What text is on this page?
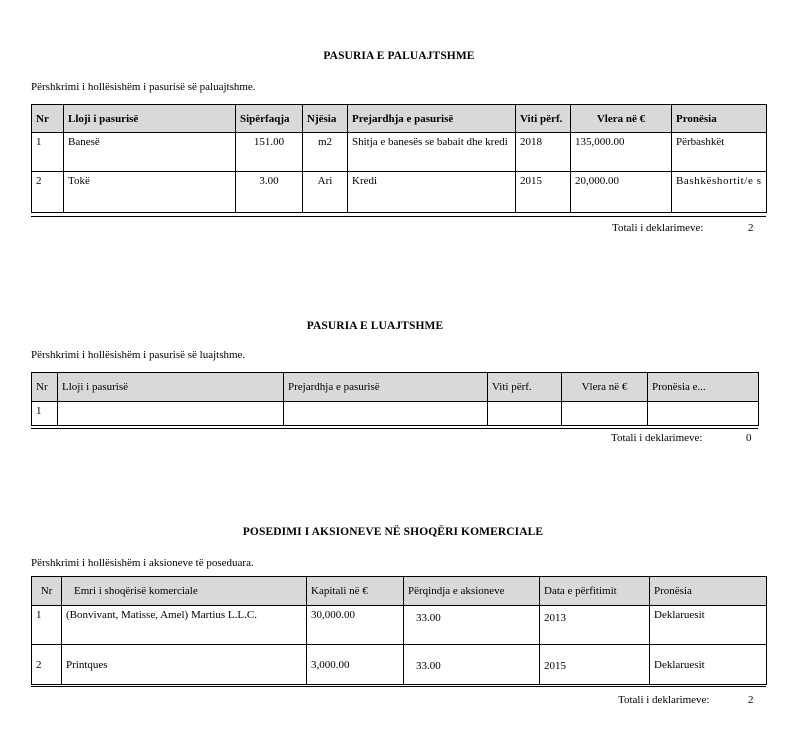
PASURIA E PALUAJTSHME
Përshkrimi i hollësishëm i pasurisë së paluajtshme.
Nr	Lloji i pasurisë	Sipërfaqja	Njësia	Prejardhja e pasurisë	Viti përf.	Vlera në €	Pronësia
1	Banesë	151.00	m2	Shitja e banesës se babait dhe kredi	2018	135,000.00	Përbashkët
2	Tokë	3.00	Ari	Kredi	2015	20,000.00	Bashkëshortit/e s
Totali i deklarimeve:	2
PASURIA E LUAJTSHME
Përshkrimi i hollësishëm i pasurisë së luajtshme.
Nr	Lloji i pasurisë	Prejardhja e pasurisë	Viti përf.	Vlera në €	Pronësia e...
1					
Totali i deklarimeve:	0
POSEDIMI I AKSIONEVE NË SHOQËRI KOMERCIALE
Përshkrimi i hollësishëm i aksioneve të poseduara.
Nr	Emri i shoqërisë komerciale	Kapitali në €	Përqindja e aksioneve	Data e përfitimit	Pronësia
1	(Bonvivant, Matisse, Amel) Martius L.L.C.	30,000.00	33.00	2013	Deklaruesit
2	Printques	3,000.00	33.00	2015	Deklaruesit
Totali i deklarimeve:	2
